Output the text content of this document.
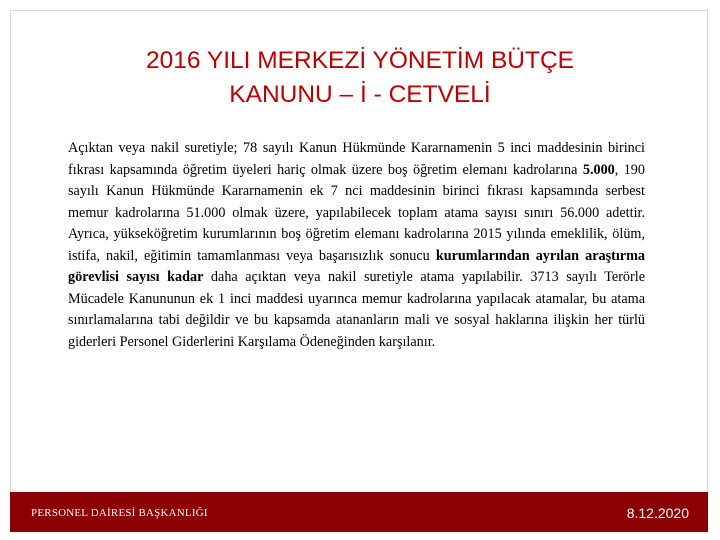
2016 YILI MERKEZİ YÖNETİM BÜTÇE
KANUNU – İ - CETVELİ

Açıktan veya nakil suretiyle; 78 sayılı Kanun Hükmünde Kararnamenin 5 inci maddesinin birinci fıkrası kapsamında öğretim üyeleri hariç olmak üzere boş öğretim elemanı kadrolarına 5.000, 190 sayılı Kanun Hükmünde Kararnamenin ek 7 nci maddesinin birinci fıkrası kapsamında serbest memur kadrolarına 51.000 olmak üzere, yapılabilecek toplam atama sayısı sınırı 56.000 adettir. Ayrıca, yükseköğretim kurumlarının boş öğretim elemanı kadrolarına 2015 yılında emeklilik, ölüm, istifa, nakil, eğitimin tamamlanması veya başarısızlık sonucu kurumlarından ayrılan araştırma görevlisi sayısı kadar daha açıktan veya nakil suretiyle atama yapılabilir. 3713 sayılı Terörle Mücadele Kanununun ek 1 inci maddesi uyarınca memur kadrolarına yapılacak atamalar, bu atama sınırlamalarına tabi değildir ve bu kapsamda atananların mali ve sosyal haklarına ilişkin her türlü giderleri Personel Giderlerini Karşılama Ödeneğinden karşılanır.

PERSONEL DAİRESİ BAŞKANLIĞI	8.12.2020
